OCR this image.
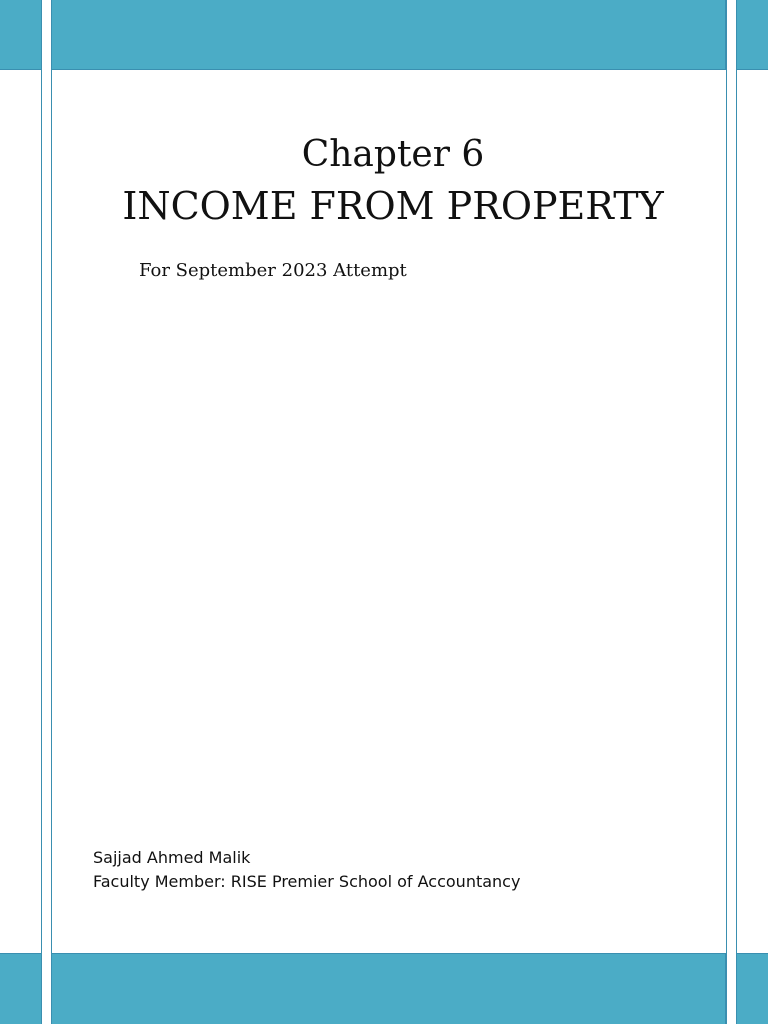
Chapter 6
INCOME FROM PROPERTY
For September 2023 Attempt
Sajjad Ahmed Malik
Faculty Member: RISE Premier School of Accountancy
